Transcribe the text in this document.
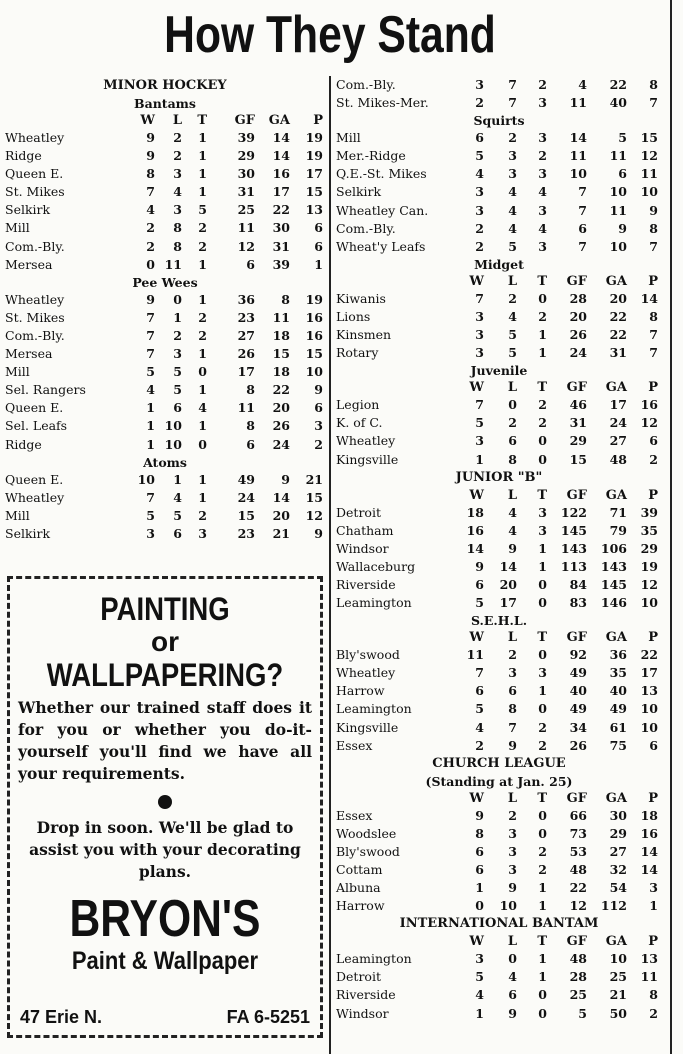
How They Stand
MINOR HOCKEY
Bantams
W L T GF GA P
Wheatley	9 2 1 39 14 19
Ridge	9 2 1 29 14 19
Queen E.	8 3 1 30 16 17
St. Mikes	7 4 1 31 17 15
Selkirk	4 3 5 25 22 13
Mill	2 8 2 11 30 6
Com.-Bly.	2 8 2 12 31 6
Mersea	0 11 1	6 39 1
Pee Wees
Wheatley	9 0 1 36 8 19
St. Mikes	7 1 2 23 11 16
Com.-Bly.	7 2 2 27 18 16
Mersea	7 3 1 26 15 15
Mill	5 5 0 17 18 10
Sel. Rangers	4 5 1	8 22 9
Queen E.	1 6 4 11 20 6
Sel. Leafs	1 10 1	8 26 3
Ridge	1 10 0	6 24 2
Atoms
Queen E.	10 1 1 49 9 21
Wheatley	7 4 1 24 14 15
Mill	5 5 2 15 20 12
Selkirk	3 6 3 23 21 9
Com.-Bly.	3 7 2	4 22 8
St. Mikes-Mer.	2 7 3 11 40 7
Squirts
Mill	6 2 3 14	5 15
Mer.-Ridge	5 3 2 11 11 12
Q.E.-St. Mikes	4 3 3 10	6 11
Selkirk	3 4 4	7 10 10
Wheatley Can.	3 4 3	7 11 9
Com.-Bly.	2 4 4	6	9 8
Wheat'y Leafs	2 5 3	7 10 7
Midget
W L T GF GA P
Kiwanis	7 2 0 28 20 14
Lions	3 4 2 20 22 8
Kinsmen	3 5 1 26 22 7
Rotary	3 5 1 24 31 7
Juvenile
W L T GF GA P
Legion	7 0 2 46 17 16
K. of C.	5 2 2 31 24 12
Wheatley	3 6 0 29 27 6
Kingsville	1 8 0 15 48 2
JUNIOR "B"
W L T GF GA P
Detroit	18 4 3 122 71 39
Chatham	16 4 3 145 79 35
Windsor	14 9 1 143 106 29
Wallaceburg	9 14 1 113 143 19
Riverside	6 20 0 84 145 12
Leamington	5 17 0 83 146 10
S.E.H.L.
W L T GF GA P
Bly'swood	11 2 0 92 36 22
Wheatley	7 3 3 49 35 17
Harrow	6 6 1 40 40 13
Leamington	5 8 0 49 49 10
Kingsville	4 7 2 34 61 10
Essex	2 9 2 26 75 6
CHURCH LEAGUE
(Standing at Jan. 25)
W L T GF GA P
Essex	9 2 0 66 30 18
Woodslee	8 3 0 73 29 16
Bly'swood	6 3 2 53 27 14
Cottam	6 3 2 48 32 14
Albuna	1 9 1 22 54 3
Harrow	0 10 1 12 112 1
INTERNATIONAL BANTAM
W L T GF GA P
Leamington	3 0 1 48 10 13
Detroit	5 4 1 28 25 11
Riverside	4 6 0 25 21 8
Windsor	1 9 0	5 50 2
PAINTING
or
WALLPAPERING?
Whether our trained staff does it for you or whether you do-it-yourself you'll find we have all your requirements.
Drop in soon. We'll be glad to assist you with your decorating plans.
BRYON'S
Paint & Wallpaper
47 Erie N.	FA 6-5251
